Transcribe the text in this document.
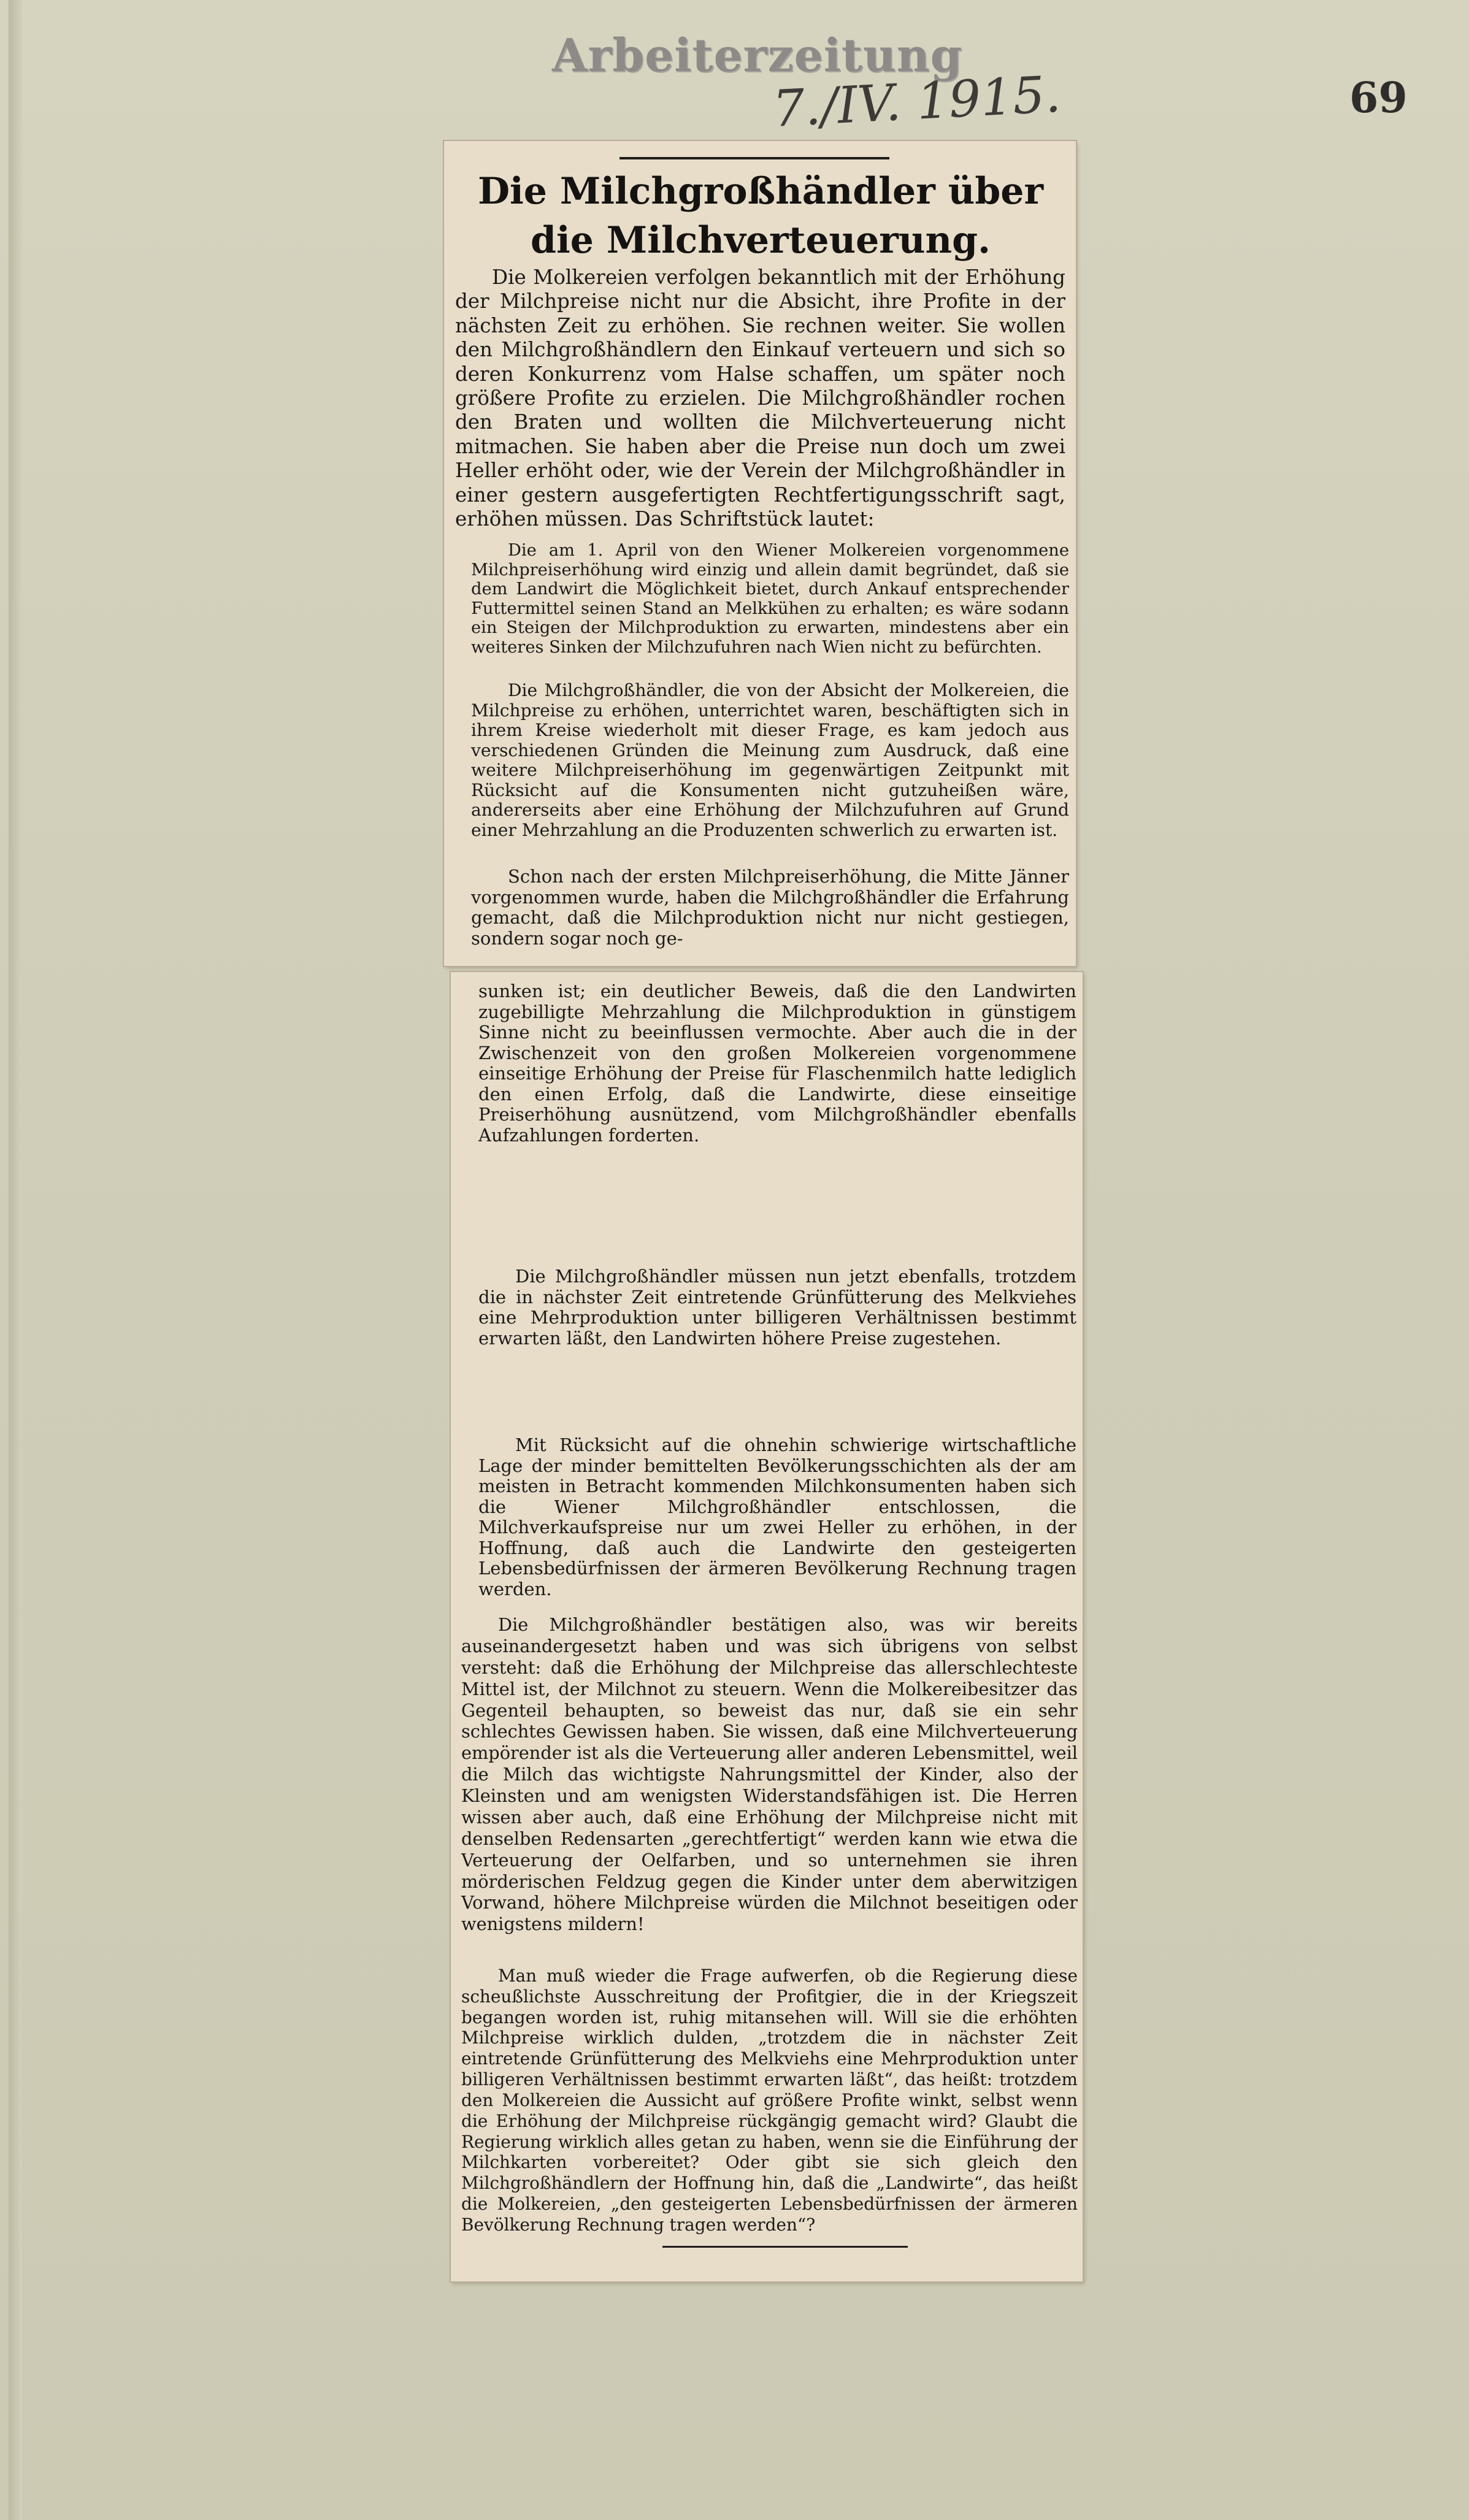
Arbeiterzeitung
7./IV. 1915.	69
Die Milchgroßhändler über die Milchverteuerung.

Die Molkereien verfolgen bekanntlich mit der Erhöhung der Milchpreise nicht nur die Absicht, ihre Profite in der nächsten Zeit zu erhöhen. Sie rechnen weiter. Sie wollen den Milchgroßhändlern den Einkauf verteuern und sich so deren Konkurrenz vom Halse schaffen, um später noch größere Profite zu erzielen. Die Milchgroßhändler rochen den Braten und wollten die Milchverteuerung nicht mitmachen. Sie haben aber die Preise nun doch um zwei Heller erhöht oder, wie der Verein der Milchgroßhändler in einer gestern ausgefertigten Rechtfertigungsschrift sagt, erhöhen müssen. Das Schriftstück lautet:

Die am 1. April von den Wiener Molkereien vorgenommene Milchpreiserhöhung wird einzig und allein damit begründet, daß sie dem Landwirt die Möglichkeit bietet, durch Ankauf entsprechender Futtermittel seinen Stand an Melkkühen zu erhalten; es wäre sodann ein Steigen der Milchproduktion zu erwarten, mindestens aber ein weiteres Sinken der Milchzufuhren nach Wien nicht zu befürchten.

Die Milchgroßhändler, die von der Absicht der Molkereien, die Milchpreise zu erhöhen, unterrichtet waren, beschäftigten sich in ihrem Kreise wiederholt mit dieser Frage, es kam jedoch aus verschiedenen Gründen die Meinung zum Ausdruck, daß eine weitere Milchpreiserhöhung im gegenwärtigen Zeitpunkt mit Rücksicht auf die Konsumenten nicht gutzuheißen wäre, andererseits aber eine Erhöhung der Milchzufuhren auf Grund einer Mehrzahlung an die Produzenten schwerlich zu erwarten ist.

Schon nach der ersten Milchpreiserhöhung, die Mitte Jänner vorgenommen wurde, haben die Milchgroßhändler die Erfahrung gemacht, daß die Milchproduktion nicht nur nicht gestiegen, sondern sogar noch ge-

sunken ist; ein deutlicher Beweis, daß die den Landwirten zugebilligte Mehrzahlung die Milchproduktion in günstigem Sinne nicht zu beeinflussen vermochte. Aber auch die in der Zwischenzeit von den großen Molkereien vorgenommene einseitige Erhöhung der Preise für Flaschenmilch hatte lediglich den einen Erfolg, daß die Landwirte, diese einseitige Preiserhöhung ausnützend, vom Milchgroßhändler ebenfalls Aufzahlungen forderten.

Die Milchgroßhändler müssen nun jetzt ebenfalls, trotzdem die in nächster Zeit eintretende Grünfütterung des Melkviehes eine Mehrproduktion unter billigeren Verhältnissen bestimmt erwarten läßt, den Landwirten höhere Preise zugestehen.

Mit Rücksicht auf die ohnehin schwierige wirtschaftliche Lage der minder bemittelten Bevölkerungsschichten als der am meisten in Betracht kommenden Milchkonsumenten haben sich die Wiener Milchgroßhändler entschlossen, die Milchverkaufspreise nur um zwei Heller zu erhöhen, in der Hoffnung, daß auch die Landwirte den gesteigerten Lebensbedürfnissen der ärmeren Bevölkerung Rechnung tragen werden.

Die Milchgroßhändler bestätigen also, was wir bereits auseinandergesetzt haben und was sich übrigens von selbst versteht: daß die Erhöhung der Milchpreise das allerschlechteste Mittel ist, der Milchnot zu steuern. Wenn die Molkereibesitzer das Gegenteil behaupten, so beweist das nur, daß sie ein sehr schlechtes Gewissen haben. Sie wissen, daß eine Milchverteuerung empörender ist als die Verteuerung aller anderen Lebensmittel, weil die Milch das wichtigste Nahrungsmittel der Kinder, also der Kleinsten und am wenigsten Widerstandsfähigen ist. Die Herren wissen aber auch, daß eine Erhöhung der Milchpreise nicht mit denselben Redensarten „gerechtfertigt“ werden kann wie etwa die Verteuerung der Oelfarben, und so unternehmen sie ihren mörderischen Feldzug gegen die Kinder unter dem aberwitzigen Vorwand, höhere Milchpreise würden die Milchnot beseitigen oder wenigstens mildern!

Man muß wieder die Frage aufwerfen, ob die Regierung diese scheußlichste Ausschreitung der Profitgier, die in der Kriegszeit begangen worden ist, ruhig mitansehen will. Will sie die erhöhten Milchpreise wirklich dulden, „trotzdem die in nächster Zeit eintretende Grünfütterung des Melkviehs eine Mehrproduktion unter billigeren Verhältnissen bestimmt erwarten läßt“, das heißt: trotzdem den Molkereien die Aussicht auf größere Profite winkt, selbst wenn die Erhöhung der Milchpreise rückgängig gemacht wird? Glaubt die Regierung wirklich alles getan zu haben, wenn sie die Einführung der Milchkarten vorbereitet? Oder gibt sie sich gleich den Milchgroßhändlern der Hoffnung hin, daß die „Landwirte“, das heißt die Molkereien, „den gesteigerten Lebensbedürfnissen der ärmeren Bevölkerung Rechnung tragen werden“?
